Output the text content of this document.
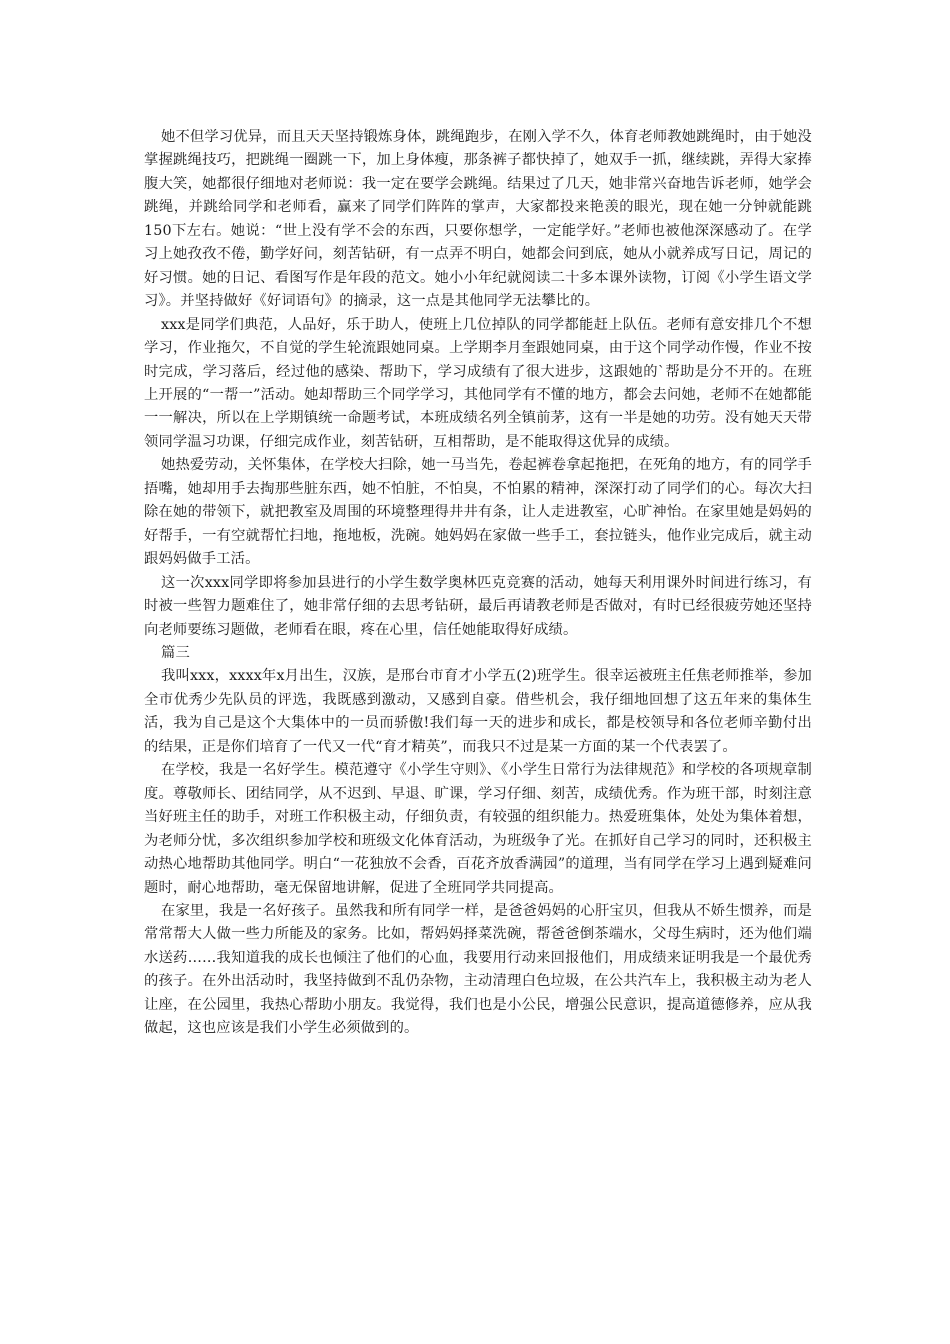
她不但学习优异，而且天天坚持锻炼身体，跳绳跑步，在刚入学不久，体育老师教她跳绳时，由于她没掌握跳绳技巧，把跳绳一圈跳一下，加上身体瘦，那条裤子都快掉了，她双手一抓，继续跳，弄得大家捧腹大笑，她都很仔细地对老师说：我一定在要学会跳绳。结果过了几天，她非常兴奋地告诉老师，她学会跳绳，并跳给同学和老师看，赢来了同学们阵阵的掌声，大家都投来艳羡的眼光，现在她一分钟就能跳150下左右。她说：“世上没有学不会的东西，只要你想学，一定能学好。”老师也被他深深感动了。在学习上她孜孜不倦，勤学好问，刻苦钻研，有一点弄不明白，她都会问到底，她从小就养成写日记，周记的好习惯。她的日记、看图写作是年段的范文。她小小年纪就阅读二十多本课外读物，订阅《小学生语文学习》。并坚持做好《好词语句》的摘录，这一点是其他同学无法攀比的。

xxx是同学们典范，人品好，乐于助人，使班上几位掉队的同学都能赶上队伍。老师有意安排几个不想学习，作业拖欠，不自觉的学生轮流跟她同桌。上学期李月奎跟她同桌，由于这个同学动作慢，作业不按时完成，学习落后，经过他的感染、帮助下，学习成绩有了很大进步，这跟她的`帮助是分不开的。在班上开展的“一帮一”活动。她却帮助三个同学学习，其他同学有不懂的地方，都会去问她，老师不在她都能一一解决，所以在上学期镇统一命题考试，本班成绩名列全镇前茅，这有一半是她的功劳。没有她天天带领同学温习功课，仔细完成作业，刻苦钻研，互相帮助，是不能取得这优异的成绩。

她热爱劳动，关怀集体，在学校大扫除，她一马当先，卷起裤卷拿起拖把，在死角的地方，有的同学手捂嘴，她却用手去掏那些脏东西，她不怕脏，不怕臭，不怕累的精神，深深打动了同学们的心。每次大扫除在她的带领下，就把教室及周围的环境整理得井井有条，让人走进教室，心旷神怡。在家里她是妈妈的好帮手，一有空就帮忙扫地，拖地板，洗碗。她妈妈在家做一些手工，套拉链头，他作业完成后，就主动跟妈妈做手工活。

这一次xxx同学即将参加县进行的小学生数学奥林匹克竞赛的活动，她每天利用课外时间进行练习，有时被一些智力题难住了，她非常仔细的去思考钻研，最后再请教老师是否做对，有时已经很疲劳她还坚持向老师要练习题做，老师看在眼，疼在心里，信任她能取得好成绩。

篇三

我叫xxx，xxxx年x月出生，汉族，是邢台市育才小学五(2)班学生。很幸运被班主任焦老师推举，参加全市优秀少先队员的评选，我既感到激动，又感到自豪。借些机会，我仔细地回想了这五年来的集体生活，我为自己是这个大集体中的一员而骄傲!我们每一天的进步和成长，都是校领导和各位老师辛勤付出的结果，正是你们培育了一代又一代“育才精英”，而我只不过是某一方面的某一个代表罢了。

在学校，我是一名好学生。模范遵守《小学生守则》、《小学生日常行为法律规范》和学校的各项规章制度。尊敬师长、团结同学，从不迟到、早退、旷课，学习仔细、刻苦，成绩优秀。作为班干部，时刻注意当好班主任的助手，对班工作积极主动，仔细负责，有较强的组织能力。热爱班集体，处处为集体着想，为老师分忧，多次组织参加学校和班级文化体育活动，为班级争了光。在抓好自己学习的同时，还积极主动热心地帮助其他同学。明白“一花独放不会香，百花齐放香满园”的道理，当有同学在学习上遇到疑难问题时，耐心地帮助，毫无保留地讲解，促进了全班同学共同提高。

在家里，我是一名好孩子。虽然我和所有同学一样，是爸爸妈妈的心肝宝贝，但我从不娇生惯养，而是常常帮大人做一些力所能及的家务。比如，帮妈妈择菜洗碗，帮爸爸倒茶端水，父母生病时，还为他们端水送药……我知道我的成长也倾注了他们的心血，我要用行动来回报他们，用成绩来证明我是一个最优秀的孩子。在外出活动时，我坚持做到不乱仍杂物，主动清理白色垃圾，在公共汽车上，我积极主动为老人让座，在公园里，我热心帮助小朋友。我觉得，我们也是小公民，增强公民意识，提高道德修养，应从我做起，这也应该是我们小学生必须做到的。
